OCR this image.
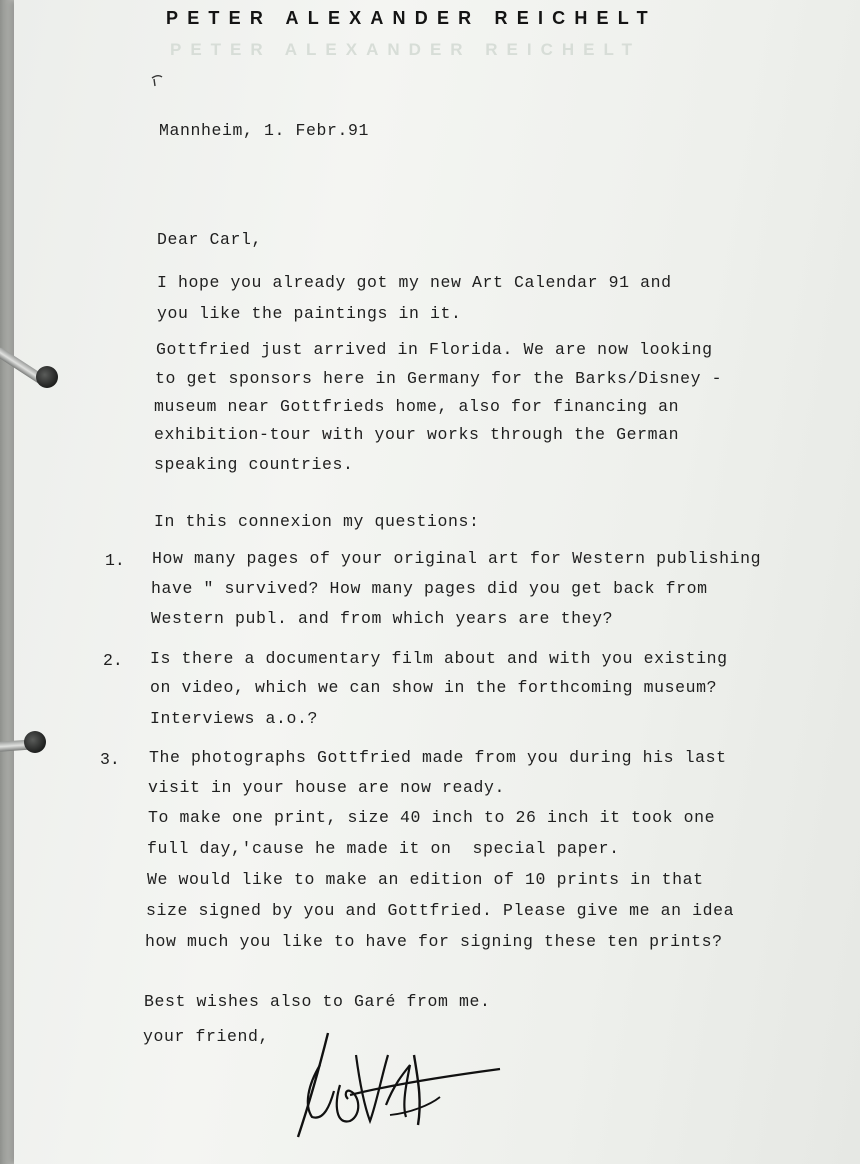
PETER ALEXANDER REICHELT
PETER ALEXANDER REICHELT
Mannheim, 1. Febr.91
Dear Carl,
I hope you already got my new Art Calendar 91 and
you like the paintings in it.
Gottfried just arrived in Florida. We are now looking
to get sponsors here in Germany for the Barks/Disney -
museum near Gottfrieds home, also for financing an
exhibition-tour with your works through the German
speaking countries.
In this connexion my questions:
1. How many pages of your original art for Western publishing
have " survived? How many pages did you get back from
Western publ. and from which years are they?
2. Is there a documentary film about and with you existing
on video, which we can show in the forthcoming museum?
Interviews a.o.?
3. The photographs Gottfried made from you during his last
visit in your house are now ready.
To make one print, size 40 inch to 26 inch it took one
full day,'cause he made it on  special paper.
We would like to make an edition of 10 prints in that
size signed by you and Gottfried. Please give me an idea
how much you like to have for signing these ten prints?
Best wishes also to Garé from me.
your friend,
